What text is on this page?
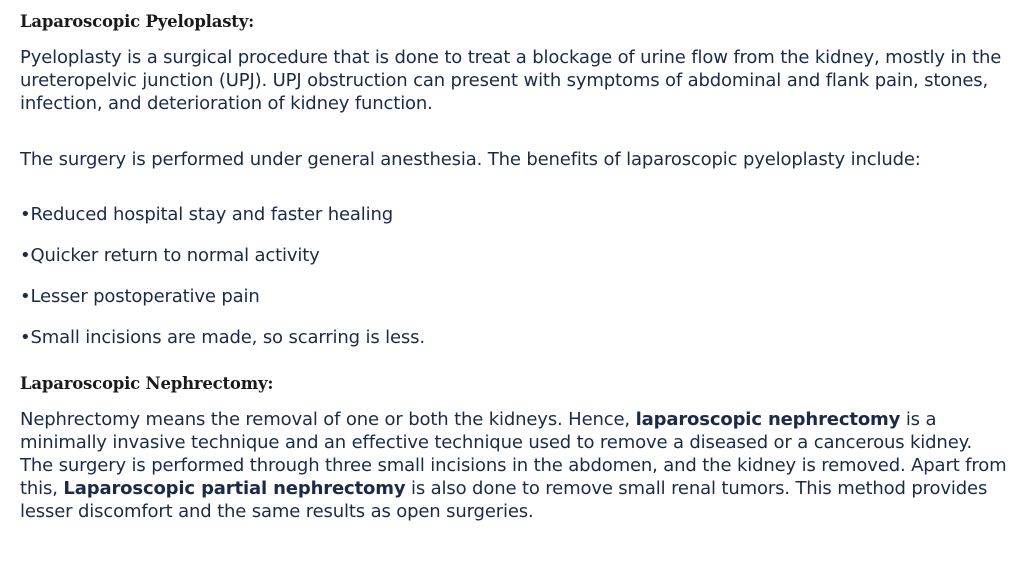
Laparoscopic Pyeloplasty:

Pyeloplasty is a surgical procedure that is done to treat a blockage of urine flow from the kidney, mostly in the ureteropelvic junction (UPJ). UPJ obstruction can present with symptoms of abdominal and flank pain, stones, infection, and deterioration of kidney function.

The surgery is performed under general anesthesia. The benefits of laparoscopic pyeloplasty include:

•Reduced hospital stay and faster healing
•Quicker return to normal activity
•Lesser postoperative pain
•Small incisions are made, so scarring is less.
Laparoscopic Nephrectomy:

Nephrectomy means the removal of one or both the kidneys. Hence, laparoscopic nephrectomy is a minimally invasive technique and an effective technique used to remove a diseased or a cancerous kidney. The surgery is performed through three small incisions in the abdomen, and the kidney is removed. Apart from this, Laparoscopic partial nephrectomy is also done to remove small renal tumors. This method provides lesser discomfort and the same results as open surgeries.
